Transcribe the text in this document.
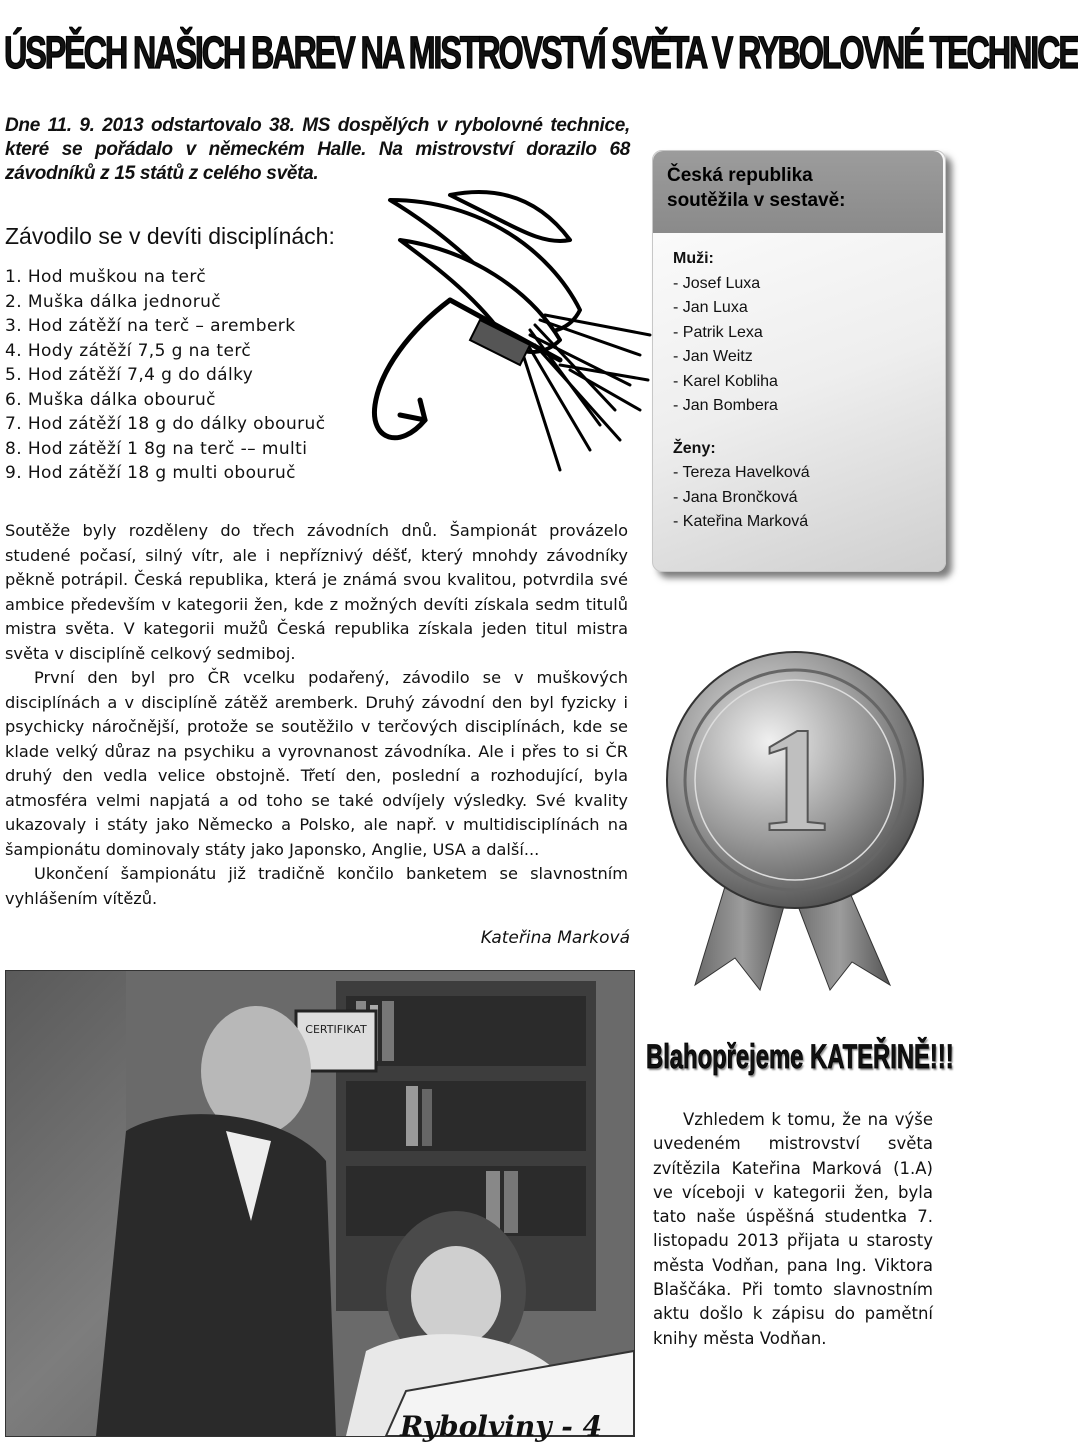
ÚSPĚCH NAŠICH BAREV NA MISTROVSTVÍ SVĚTA V RYBOLOVNÉ TECHNICE
Dne 11. 9. 2013 odstartovalo 38. MS dospělých v rybolovné technice, které se pořádalo v německém Halle. Na mistrovství dorazilo 68 závodníků z 15 států z celého světa.
Závodilo se v devíti disciplínách:
1. Hod muškou na terč
2. Muška dálka jednoruč
3. Hod zátěží na terč – aremberk
4. Hody zátěží 7,5 g na terč
5. Hod zátěží 7,4 g do dálky
6. Muška dálka obouruč
7. Hod zátěží 18 g do dálky obouruč
8. Hod zátěží 1 8g na terč -– multi
9. Hod zátěží 18 g multi obouruč
Česká republika
soutěžila v sestavě:
Muži:
- Josef Luxa
- Jan Luxa
- Patrik Lexa
- Jan Weitz
- Karel Kobliha
- Jan Bombera
Ženy:
- Tereza Havelková
- Jana Brončková
- Kateřina Marková

Soutěže byly rozděleny do třech závodních dnů. Šampionát provázelo studené počasí, silný vítr, ale i nepříznivý déšť, který mnohdy závodníky pěkně potrápil. Česká republika, která je známá svou kvalitou, potvrdila své ambice především v kategorii žen, kde z možných devíti získala sedm titulů mistra světa. V kategorii mužů Česká republika získala jeden titul mistra světa v disciplíně celkový sedmiboj.

První den byl pro ČR vcelku podařený, závodilo se v muškových disciplínách a v disciplíně zátěž aremberk. Druhý závodní den byl fyzicky i psychicky náročnější, protože se soutěžilo v terčových disciplínách, kde se klade velký důraz na psychiku a vyrovnanost závodníka. Ale i přes to si ČR druhý den vedla velice obstojně. Třetí den, poslední a rozhodující, byla atmosféra velmi napjatá a od toho se také odvíjely výsledky. Své kvality ukazovaly i státy jako Německo a Polsko, ale např. v multidisciplínách na šampionátu dominovaly státy jako Japonsko, Anglie, USA a další...

Ukončení šampionátu již tradičně končilo banketem se slavnostním vyhlášením vítězů.

Kateřina Marková
1
CERTIFIKAT
Blahopřejeme KATEŘINĚ!!!

Vzhledem k tomu, že na výše uvedeném mistrovství světa zvítězila Kateřina Marková (1.A) ve víceboji v kategorii žen, byla tato naše úspěšná studentka 7. listopadu 2013 přijata u starosty města Vodňan, pana Ing. Viktora Blaščáka. Při tomto slavnostním aktu došlo k zápisu do pamětní knihy města Vodňan.

Rybolviny - 4
